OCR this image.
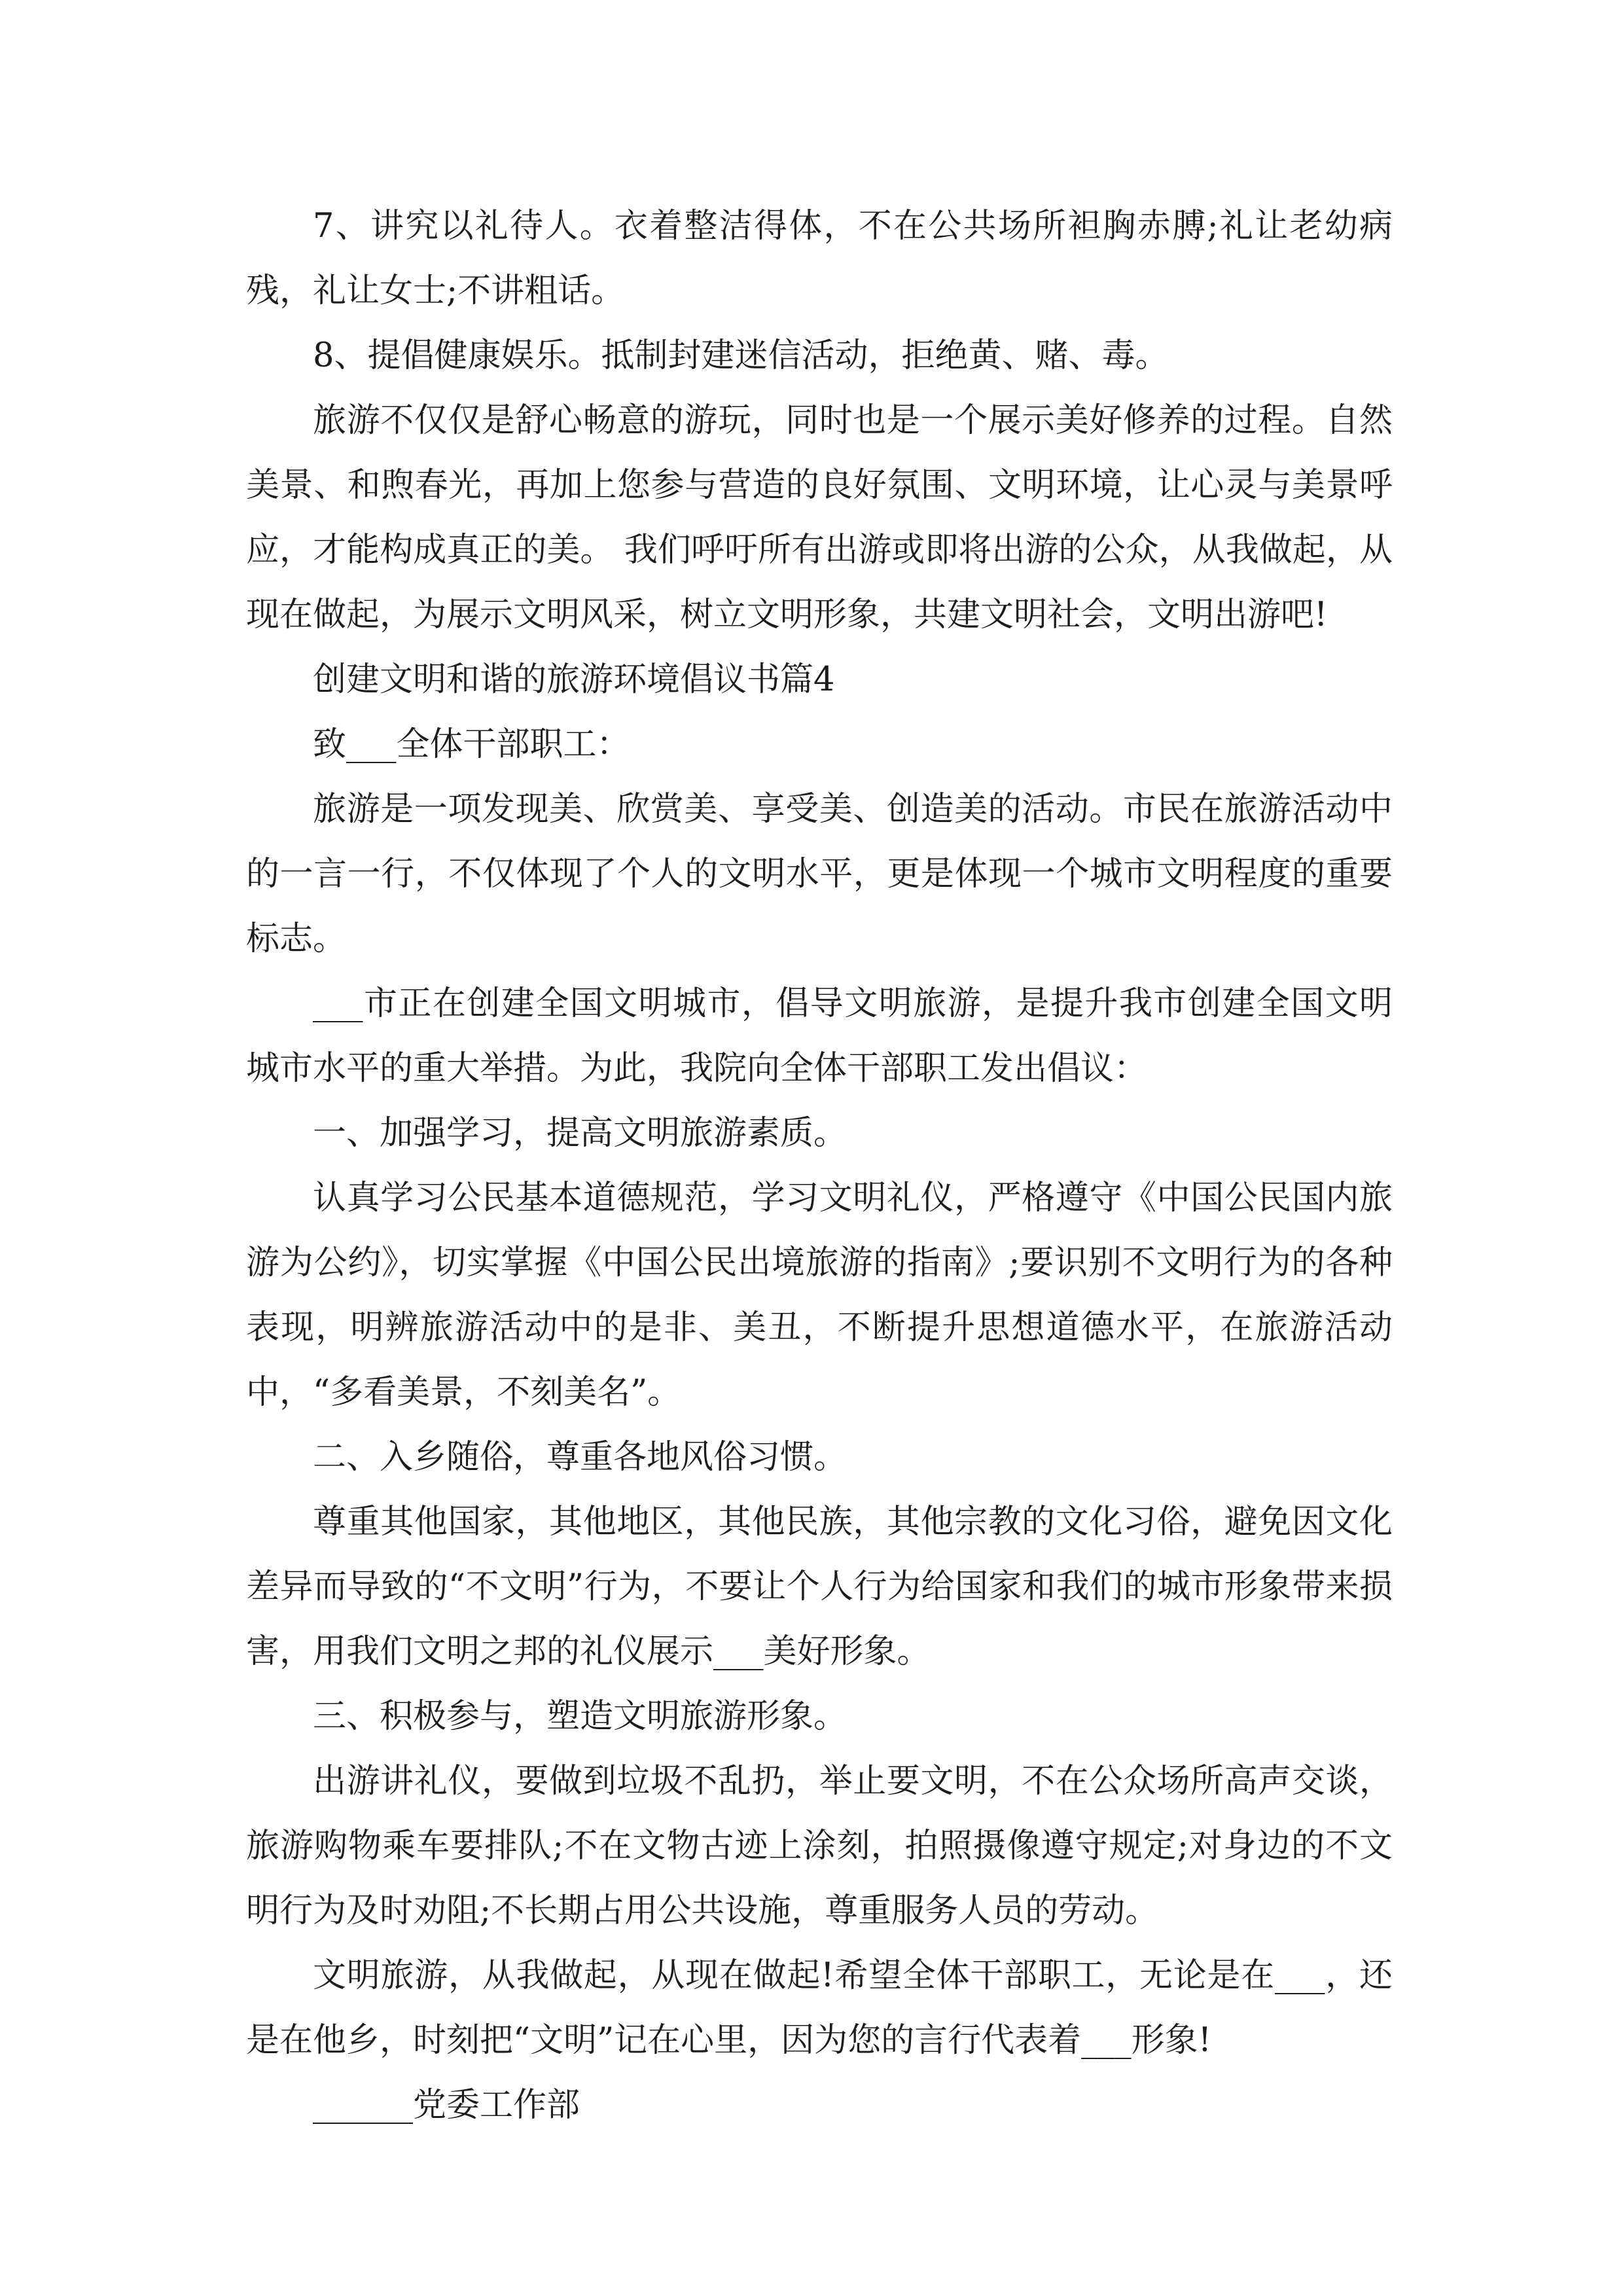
7、讲究以礼待人。衣着整洁得体，不在公共场所袒胸赤膊;礼让老幼病残，礼让女士;不讲粗话。

8、提倡健康娱乐。抵制封建迷信活动，拒绝黄、赌、毒。

旅游不仅仅是舒心畅意的游玩，同时也是一个展示美好修养的过程。自然美景、和煦春光，再加上您参与营造的良好氛围、文明环境，让心灵与美景呼应，才能构成真正的美。 我们呼吁所有出游或即将出游的公众，从我做起，从现在做起，为展示文明风采，树立文明形象，共建文明社会，文明出游吧!

创建文明和谐的旅游环境倡议书篇4

致___全体干部职工：

旅游是一项发现美、欣赏美、享受美、创造美的活动。市民在旅游活动中的一言一行，不仅体现了个人的文明水平，更是体现一个城市文明程度的重要标志。

___市正在创建全国文明城市，倡导文明旅游，是提升我市创建全国文明城市水平的重大举措。为此，我院向全体干部职工发出倡议：

一、加强学习，提高文明旅游素质。

认真学习公民基本道德规范，学习文明礼仪，严格遵守《中国公民国内旅游为公约》，切实掌握《中国公民出境旅游的指南》;要识别不文明行为的各种表现，明辨旅游活动中的是非、美丑，不断提升思想道德水平，在旅游活动中，“多看美景，不刻美名”。

二、入乡随俗，尊重各地风俗习惯。

尊重其他国家，其他地区，其他民族，其他宗教的文化习俗，避免因文化差异而导致的“不文明”行为，不要让个人行为给国家和我们的城市形象带来损害，用我们文明之邦的礼仪展示___美好形象。

三、积极参与，塑造文明旅游形象。

出游讲礼仪，要做到垃圾不乱扔，举止要文明，不在公众场所高声交谈，旅游购物乘车要排队;不在文物古迹上涂刻，拍照摄像遵守规定;对身边的不文明行为及时劝阻;不长期占用公共设施，尊重服务人员的劳动。

文明旅游，从我做起，从现在做起!希望全体干部职工，无论是在___，还是在他乡，时刻把“文明”记在心里，因为您的言行代表着___形象!

______党委工作部
